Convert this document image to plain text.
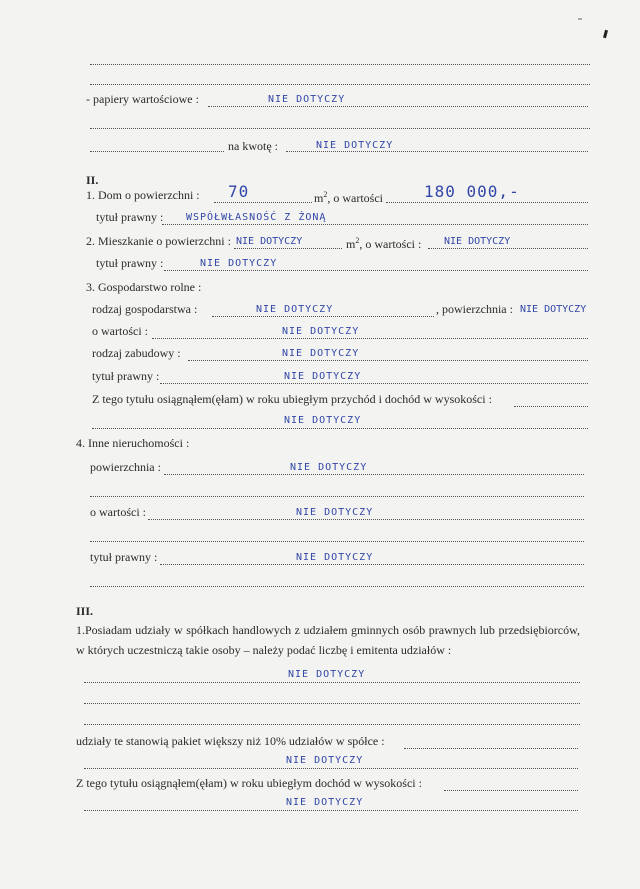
- papiery wartościowe :	NIE DOTYCZY
na kwotę :	NIE DOTYCZY
II.
1. Dom o powierzchni : 70	$m^2$, o wartości	180 000,-
tytuł prawny : WSPÓŁWŁASNOŚĆ Z ŻONĄ
2. Mieszkanie o powierzchni : NIE DOTYCZY	$m^2$, o wartości : NIE DOTYCZY
tytuł prawny :	NIE DOTYCZY
3. Gospodarstwo rolne :
rodzaj gospodarstwa :	NIE DOTYCZY	, powierzchnia : NIE DOTYCZY
o wartości :	NIE DOTYCZY
rodzaj zabudowy :	NIE DOTYCZY
tytuł prawny :	NIE DOTYCZY
Z tego tytułu osiągnąłem(ęłam) w roku ubiegłym przychód i dochód w wysokości :
NIE DOTYCZY
4. Inne nieruchomości :
powierzchnia :	NIE DOTYCZY
o wartości :	NIE DOTYCZY
tytuł prawny :	NIE DOTYCZY
III.
1.Posiadam udziały w spółkach handlowych z udziałem gminnych osób prawnych lub przedsiębiorców, w których uczestniczą takie osoby – należy podać liczbę i emitenta udziałów :
NIE DOTYCZY
udziały te stanowią pakiet większy niż 10% udziałów w spółce :
NIE DOTYCZY
Z tego tytułu osiągnąłem(ęłam) w roku ubiegłym dochód w wysokości :
NIE DOTYCZY
